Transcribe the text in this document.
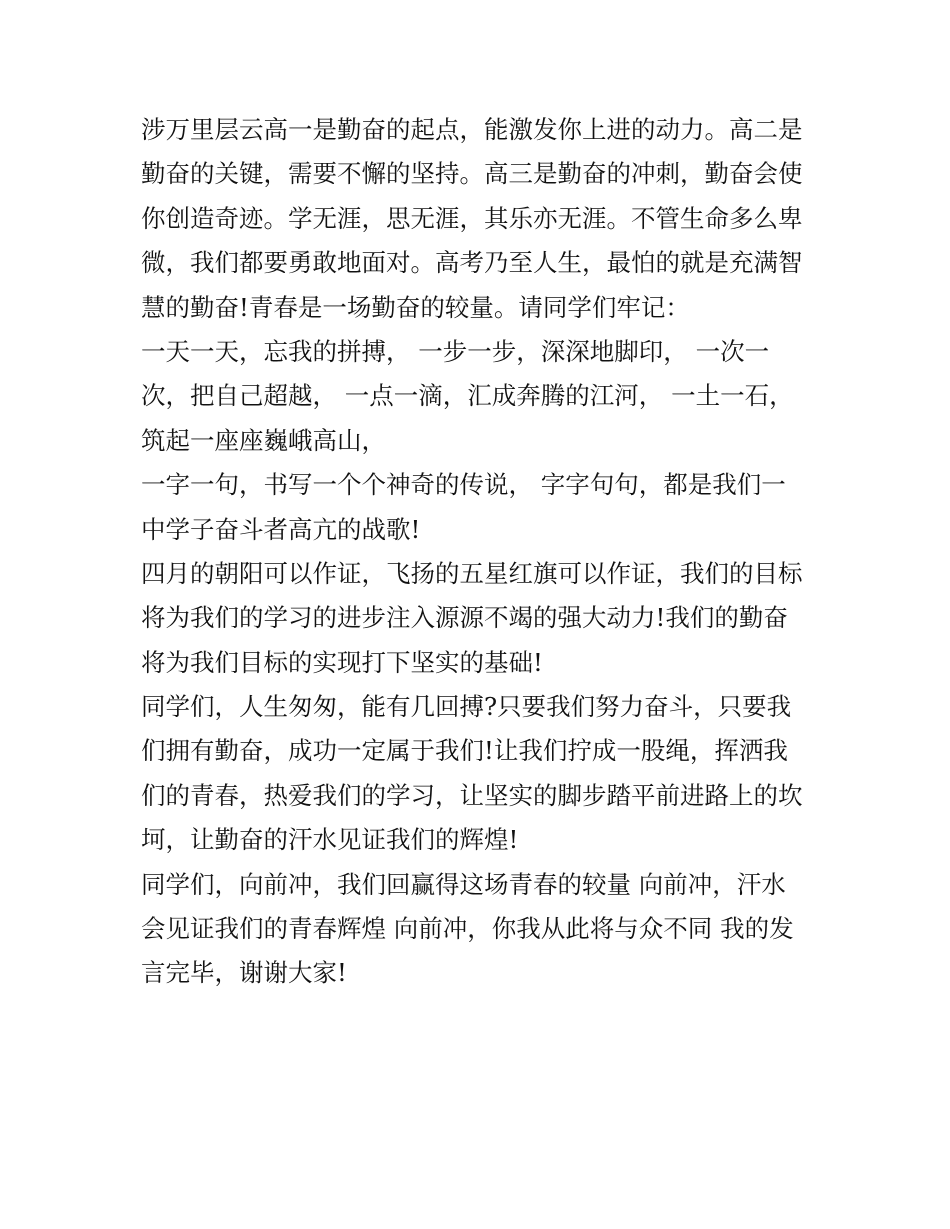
涉万里层云高一是勤奋的起点，能激发你上进的动力。高二是
勤奋的关键，需要不懈的坚持。高三是勤奋的冲刺，勤奋会使
你创造奇迹。学无涯，思无涯，其乐亦无涯。不管生命多么卑
微，我们都要勇敢地面对。高考乃至人生，最怕的就是充满智
慧的勤奋!青春是一场勤奋的较量。请同学们牢记：
一天一天，忘我的拼搏， 一步一步，深深地脚印， 一次一
次，把自己超越， 一点一滴，汇成奔腾的江河， 一土一石，
筑起一座座巍峨高山，
一字一句，书写一个个神奇的传说， 字字句句，都是我们一
中学子奋斗者高亢的战歌!
四月的朝阳可以作证，飞扬的五星红旗可以作证，我们的目标
将为我们的学习的进步注入源源不竭的强大动力!我们的勤奋
将为我们目标的实现打下坚实的基础!
同学们，人生匆匆，能有几回搏?只要我们努力奋斗，只要我
们拥有勤奋，成功一定属于我们!让我们拧成一股绳，挥洒我
们的青春，热爱我们的学习，让坚实的脚步踏平前进路上的坎
坷，让勤奋的汗水见证我们的辉煌!
同学们，向前冲，我们回赢得这场青春的较量 向前冲，汗水
会见证我们的青春辉煌 向前冲，你我从此将与众不同 我的发
言完毕，谢谢大家!
